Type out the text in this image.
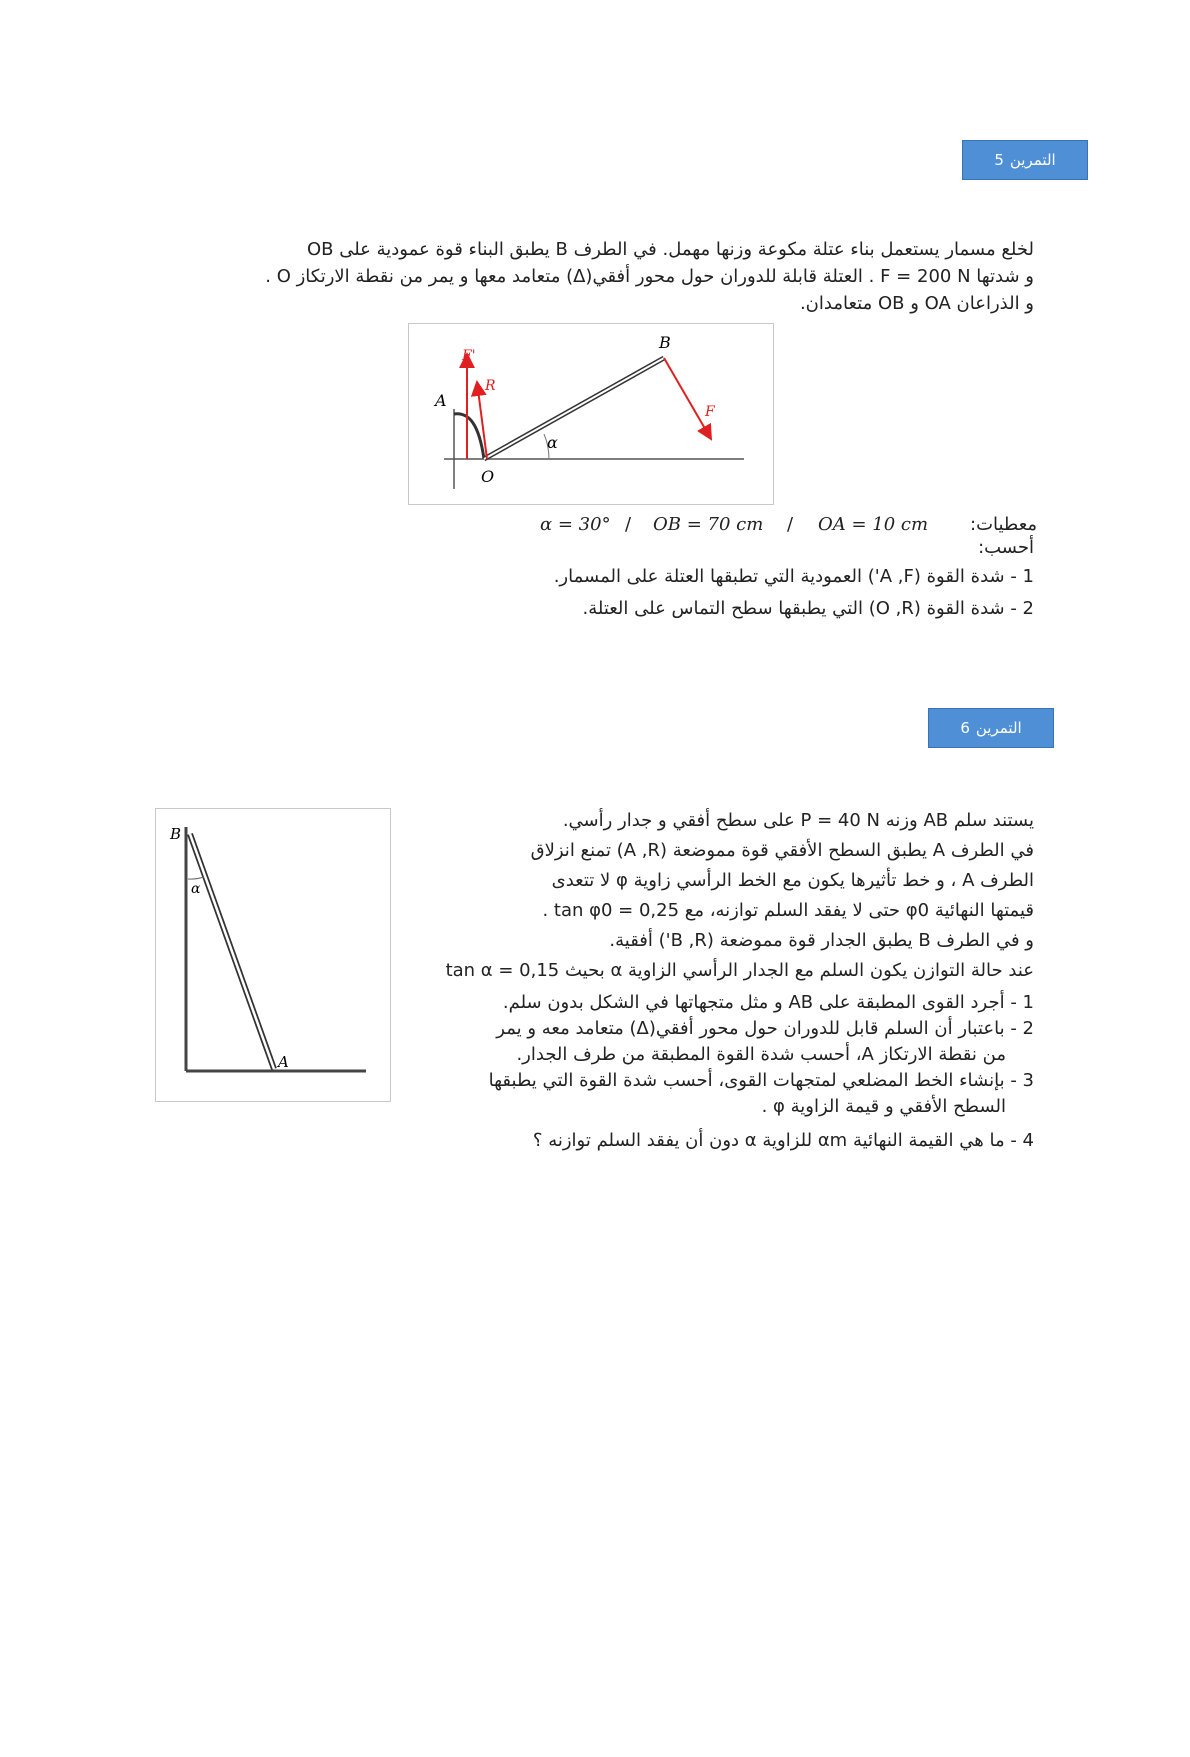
التمرين
5
لخلع مسمار يستعمل بناء عتلة مكوعة وزنها مهمل. في الطرف B يطبق البناء قوة عمودية على OB
و شدتها F = 200 N . العتلة قابلة للدوران حول محور أفقي(Δ) متعامد معها و يمر من نقطة الارتكاز O .
و الذراعان OA و OB متعامدان.
B
A
O
α
F'
R
F
معطيات:
OA = 10 cm
/
OB = 70 cm
/
α = 30°
أحسب:
1 - شدة القوة (A ,F') العمودية التي تطبقها العتلة على المسمار.
2 - شدة القوة (O ,R) التي يطبقها سطح التماس على العتلة.
التمرين
6
B
A
α
يستند سلم AB وزنه P = 40 N على سطح أفقي و جدار رأسي.
في الطرف A يطبق السطح الأفقي قوة مموضعة (A ,R) تمنع انزلاق
الطرف A ، و خط تأثيرها يكون مع الخط الرأسي زاوية φ لا تتعدى
قيمتها النهائية φ0 حتى لا يفقد السلم توازنه، مع tan φ0 = 0,25 .
و في الطرف B يطبق الجدار قوة مموضعة (B ,R') أفقية.
عند حالة التوازن يكون السلم مع الجدار الرأسي الزاوية α بحيث tan α = 0,15
1 - أجرد القوى المطبقة على AB و مثل متجهاتها في الشكل بدون سلم.
2 - باعتبار أن السلم قابل للدوران حول محور أفقي(Δ) متعامد معه و يمر
من نقطة الارتكاز A، أحسب شدة القوة المطبقة من طرف الجدار.
3 - بإنشاء الخط المضلعي لمتجهات القوى، أحسب شدة القوة التي يطبقها
السطح الأفقي و قيمة الزاوية φ .
4 - ما هي القيمة النهائية αm للزاوية α دون أن يفقد السلم توازنه ؟
